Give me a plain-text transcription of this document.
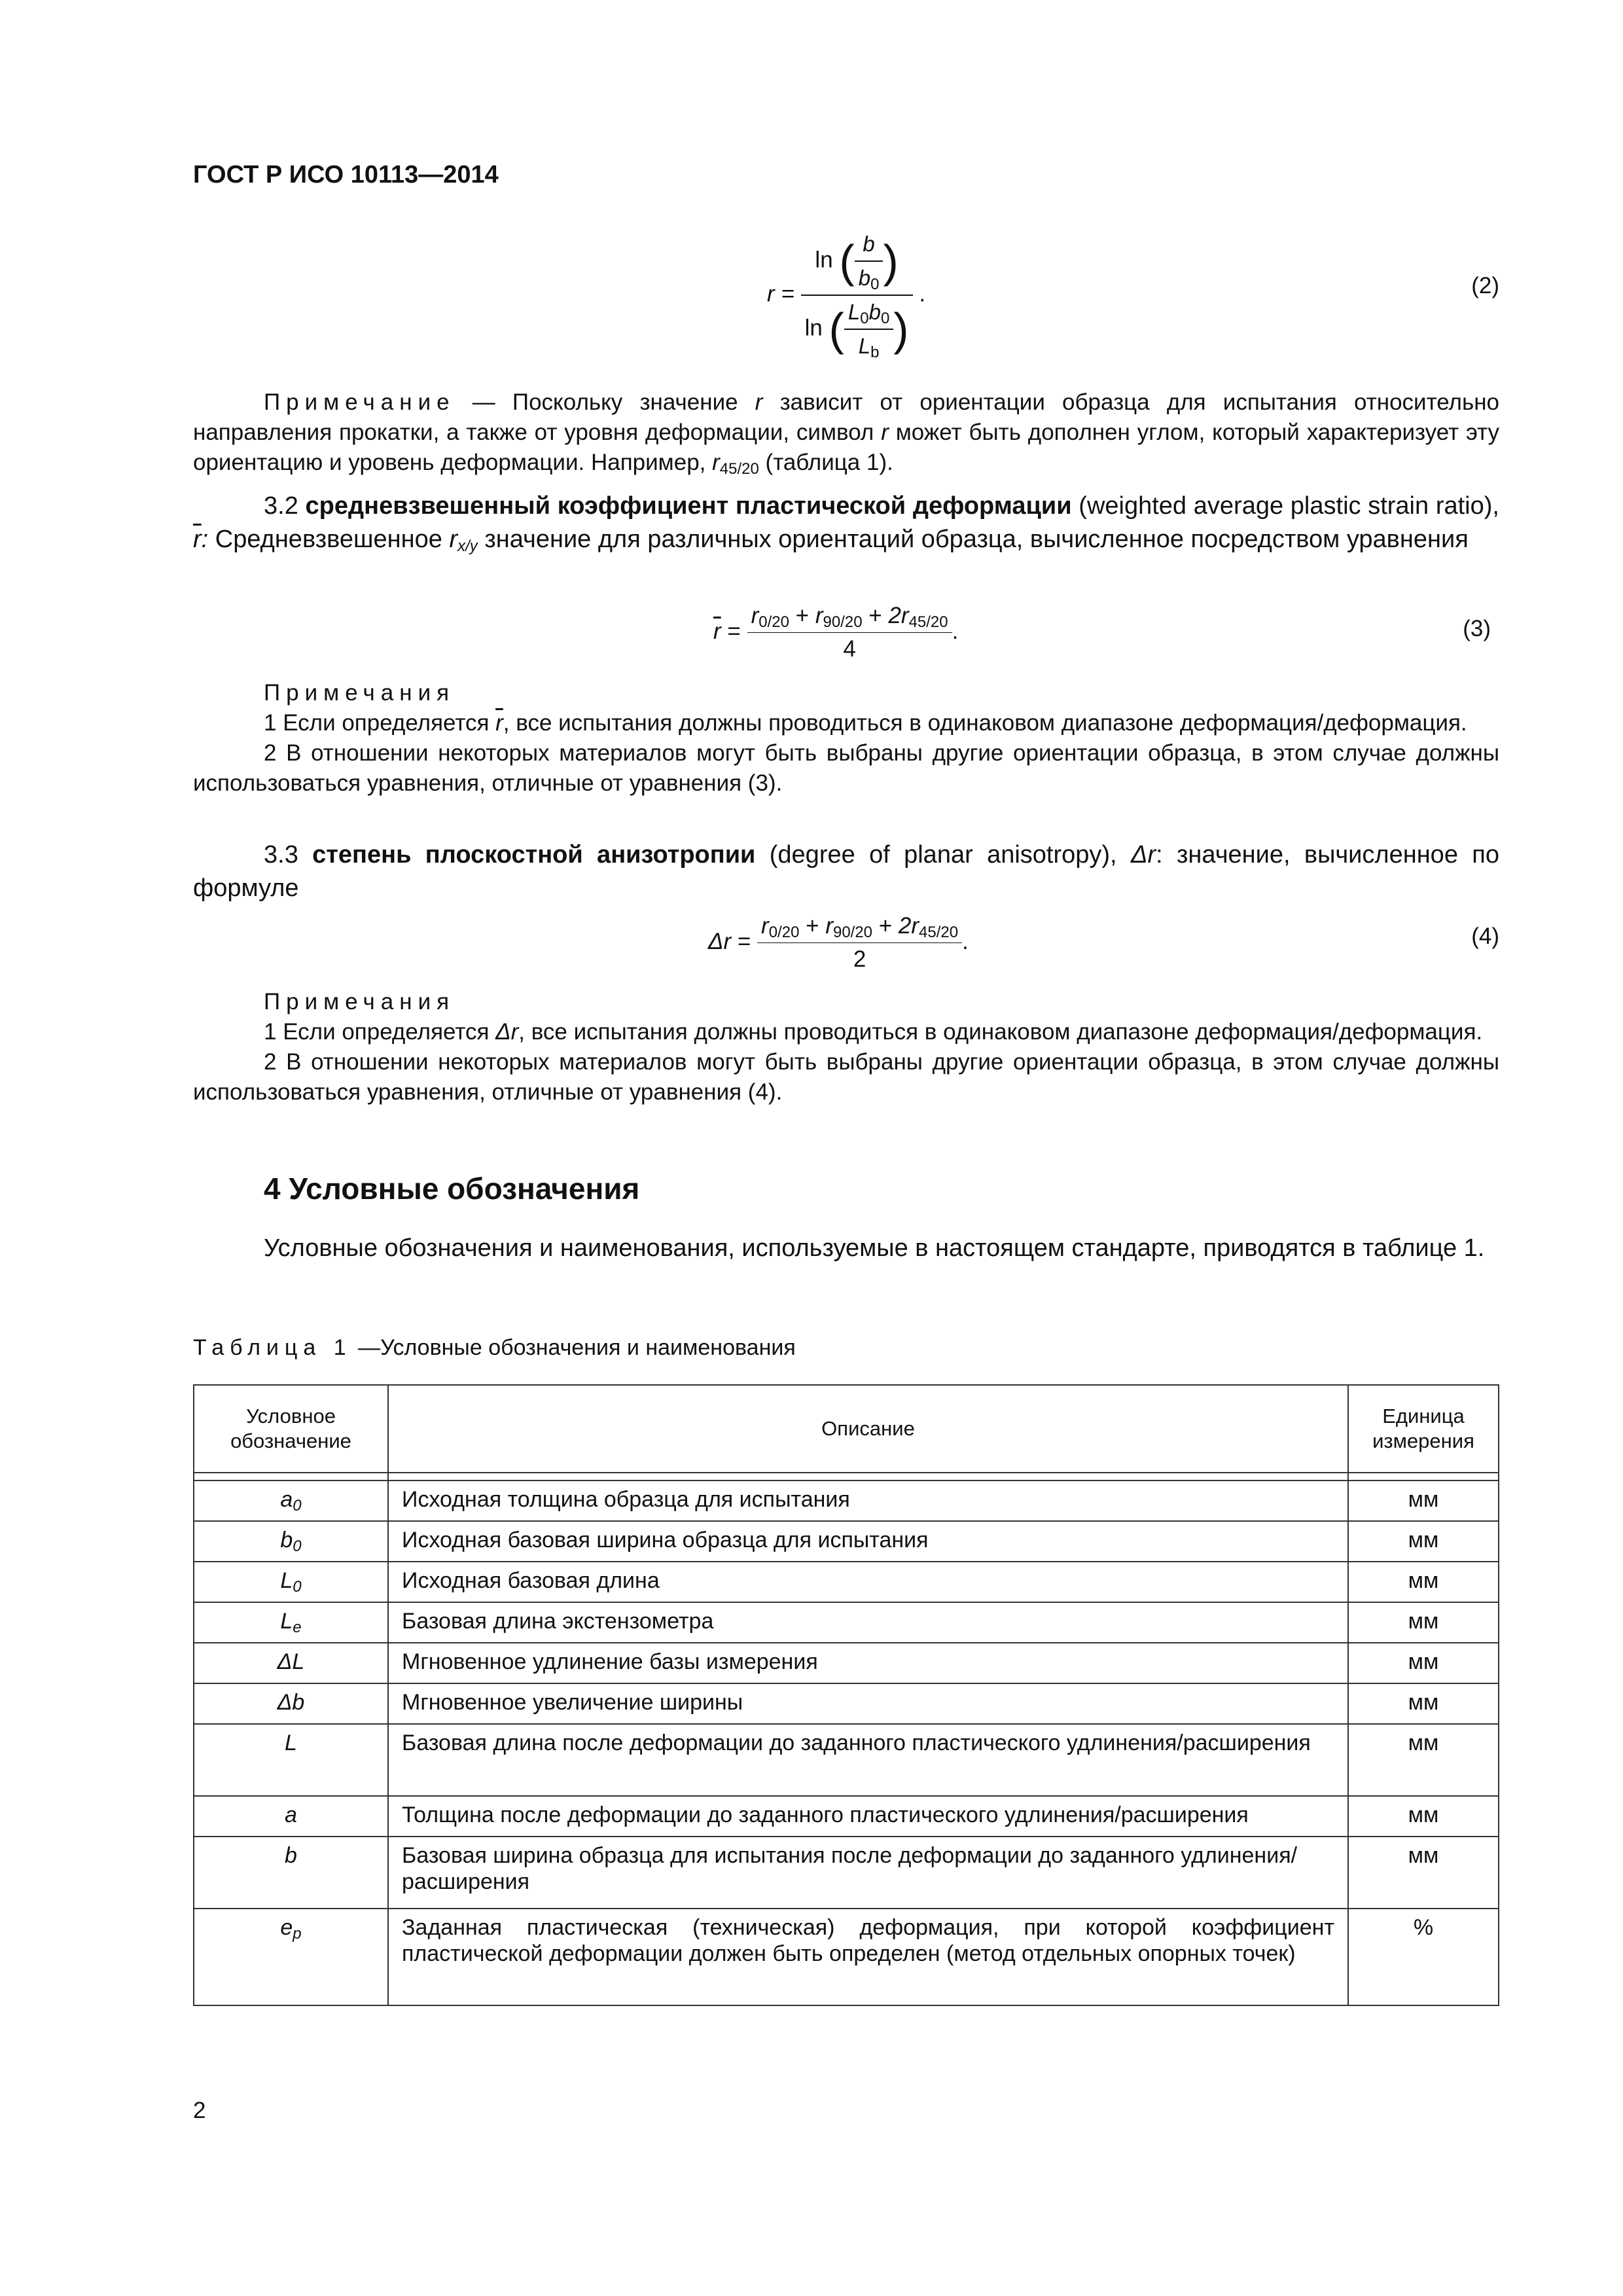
ГОСТ Р ИСО 10113—2014
$r = \frac{\ln ( \frac{b}{b_0} )}{\ln ( \frac{L_0b_0}{L_b} )}$ .	(2)
Примечание — Поскольку значение r зависит от ориентации образца для испытания относительно направления прокатки, а также от уровня деформации, символ r может быть дополнен углом, который характеризует эту ориентацию и уровень деформации. Например, $r_{45/20}$ (таблица 1).
3.2 средневзвешенный коэффициент пластической деформации (weighted average plastic strain ratio), $\overline{r}$: Средневзвешенное $r_{x/y}$ значение для различных ориентаций образца, вычисленное посредством уравнения
$\overline{r} = \frac{r_{0/20} + r_{90/20} + 2r_{45/20}}{4}$ .	(3)
Примечания
1 Если определяется $\overline{r}$, все испытания должны проводиться в одинаковом диапазоне деформация/деформация.
2 В отношении некоторых материалов могут быть выбраны другие ориентации образца, в этом случае должны использоваться уравнения, отличные от уравнения (3).
3.3 степень плоскостной анизотропии (degree of planar anisotropy), Δr: значение, вычисленное по формуле
$\Delta r = \frac{r_{0/20} + r_{90/20} + 2r_{45/20}}{2}$ .	(4)
Примечания
1 Если определяется Δr, все испытания должны проводиться в одинаковом диапазоне деформация/деформация.
2 В отношении некоторых материалов могут быть выбраны другие ориентации образца, в этом случае должны использоваться уравнения, отличные от уравнения (4).
4 Условные обозначения
Условные обозначения и наименования, используемые в настоящем стандарте, приводятся в таблице 1.
Таблица 1 —Условные обозначения и наименования
Условное обозначение	Описание	Единица измерения

$a_0$	Исходная толщина образца для испытания	мм
$b_0$	Исходная базовая ширина образца для испытания	мм
$L_0$	Исходная базовая длина	мм
$L_e$	Базовая длина экстензометра	мм
ΔL	Мгновенное удлинение базы измерения	мм
Δb	Мгновенное увеличение ширины	мм
L	Базовая длина после деформации до заданного пластического удлинения/расширения	мм
a	Толщина после деформации до заданного пластического удлинения/расширения	мм
b	Базовая ширина образца для испытания после деформации до заданного удлинения/расширения	мм
$e_p$	Заданная пластическая (техническая) деформация, при которой коэффициент пластической деформации должен быть определен (метод отдельных опорных точек)	%
2
